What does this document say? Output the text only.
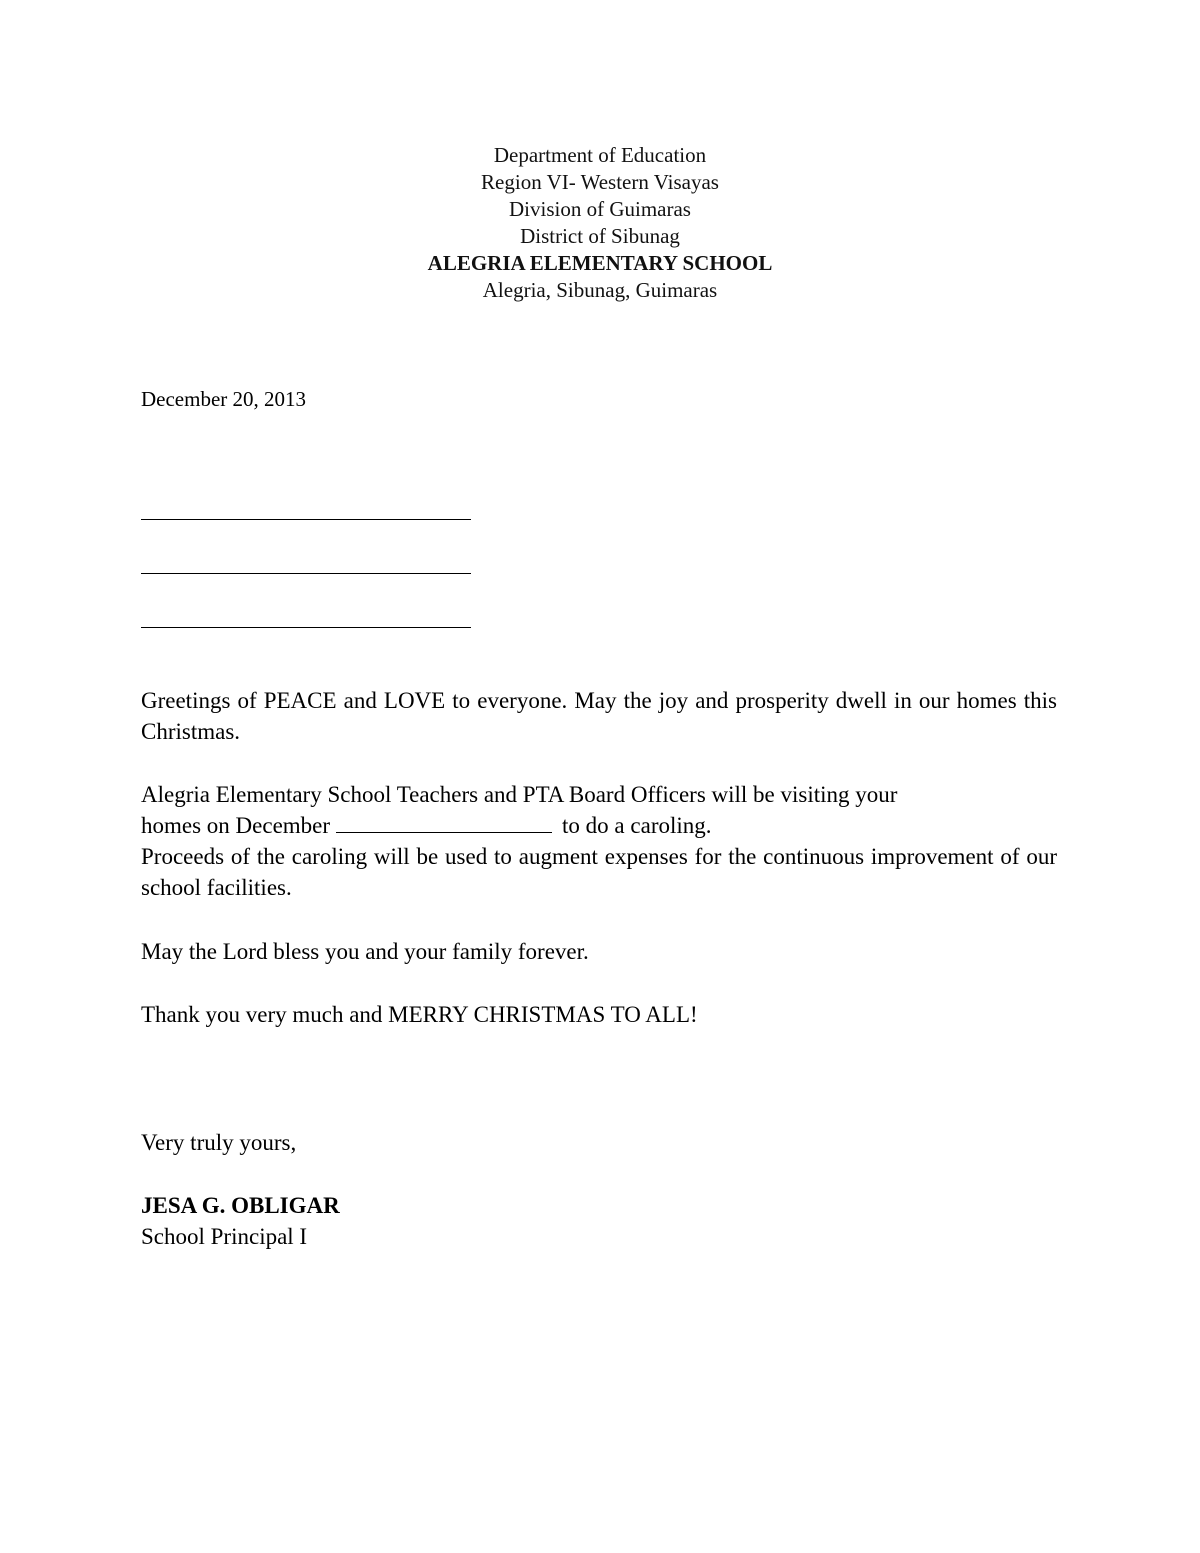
Department of Education
Region VI- Western Visayas
Division of Guimaras
District of Sibunag
ALEGRIA ELEMENTARY SCHOOL
Alegria, Sibunag, Guimaras
December 20, 2013

Greetings of PEACE and LOVE to everyone. May the joy and prosperity dwell in our homes this Christmas.

Alegria Elementary School Teachers and PTA Board Officers will be visiting your
homes on December	to do a caroling.
Proceeds of the caroling will be used to augment expenses for the continuous improvement of our school facilities.

May the Lord bless you and your family forever.

Thank you very much and MERRY CHRISTMAS TO ALL!

Very truly yours,
JESA G. OBLIGAR
School Principal I
